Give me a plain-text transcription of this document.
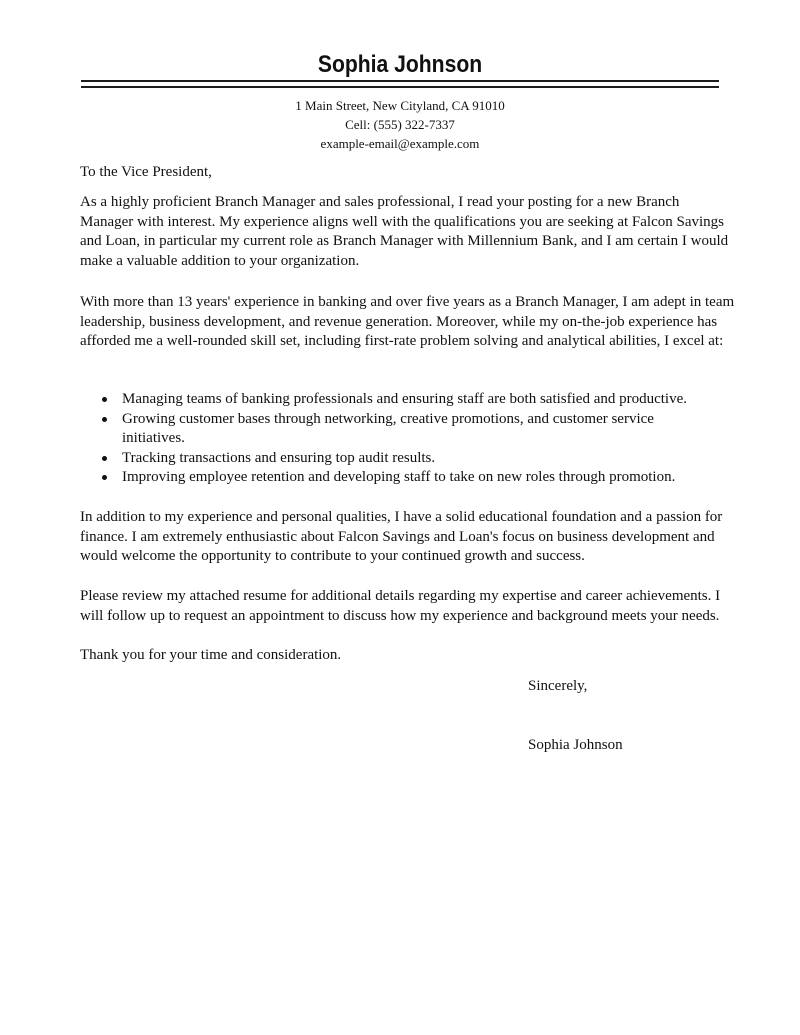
Sophia Johnson
1 Main Street, New Cityland, CA 91010
Cell: (555) 322-7337
example-email@example.com
To the Vice President,
As a highly proficient Branch Manager and sales professional, I read your posting for a new Branch Manager with interest. My experience aligns well with the qualifications you are seeking at Falcon Savings and Loan, in particular my current role as Branch Manager with Millennium Bank, and I am certain I would make a valuable addition to your organization.
With more than 13 years' experience in banking and over five years as a Branch Manager, I am adept in team leadership, business development, and revenue generation. Moreover, while my on-the-job experience has afforded me a well-rounded skill set, including first-rate problem solving and analytical abilities, I excel at:
Managing teams of banking professionals and ensuring staff are both satisfied and productive.
Growing customer bases through networking, creative promotions, and customer service initiatives.
Tracking transactions and ensuring top audit results.
Improving employee retention and developing staff to take on new roles through promotion.
In addition to my experience and personal qualities, I have a solid educational foundation and a passion for finance. I am extremely enthusiastic about Falcon Savings and Loan's focus on business development and would welcome the opportunity to contribute to your continued growth and success.
Please review my attached resume for additional details regarding my expertise and career achievements. I will follow up to request an appointment to discuss how my experience and background meets your needs.
Thank you for your time and consideration.
Sincerely,
Sophia Johnson
